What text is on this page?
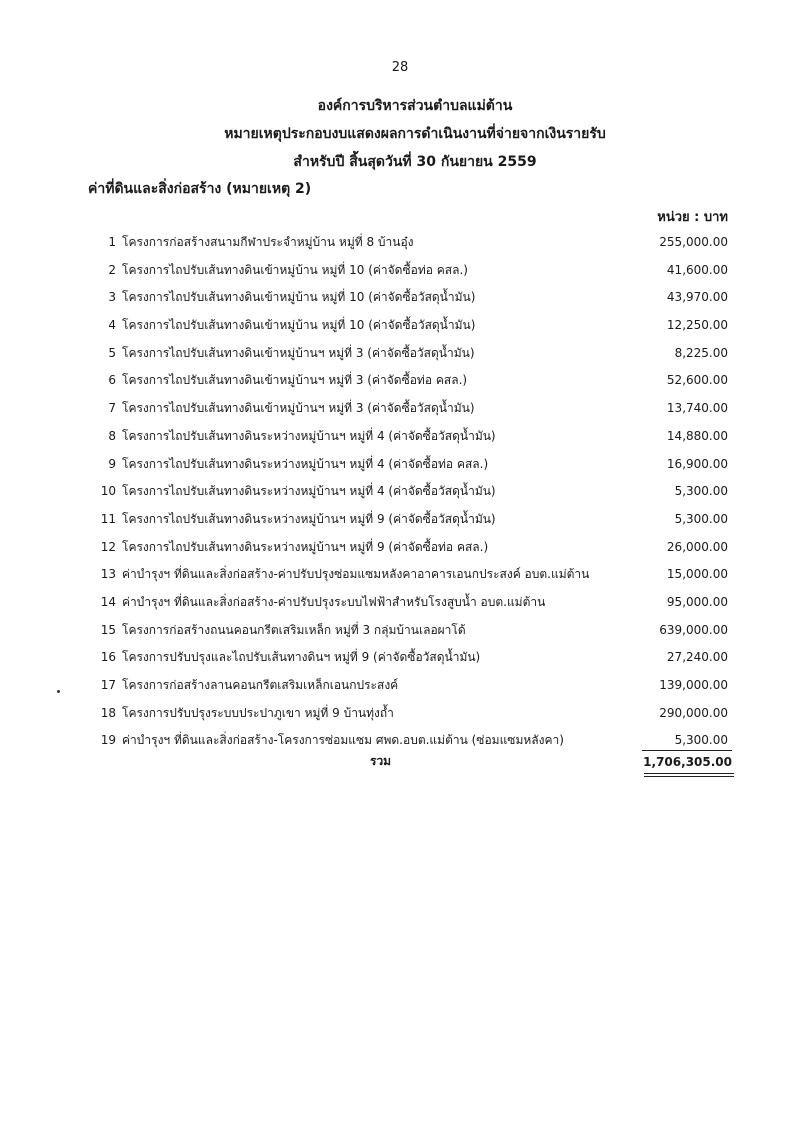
28
องค์การบริหารส่วนตำบลแม่ต้าน
หมายเหตุประกอบงบแสดงผลการดำเนินงานที่จ่ายจากเงินรายรับ
สำหรับปี สิ้นสุดวันที่ 30 กันยายน 2559
ค่าที่ดินและสิ่งก่อสร้าง (หมายเหตุ 2)
หน่วย : บาท
1 โครงการก่อสร้างสนามกีฬาประจำหมู่บ้าน หมู่ที่ 8 บ้านอุ๋ง	255,000.00
2 โครงการไถปรับเส้นทางดินเข้าหมู่บ้าน หมู่ที่ 10 (ค่าจัดซื้อท่อ คสล.)	41,600.00
3 โครงการไถปรับเส้นทางดินเข้าหมู่บ้าน หมู่ที่ 10 (ค่าจัดซื้อวัสดุน้ำมัน)	43,970.00
4 โครงการไถปรับเส้นทางดินเข้าหมู่บ้าน หมู่ที่ 10 (ค่าจัดซื้อวัสดุน้ำมัน)	12,250.00
5 โครงการไถปรับเส้นทางดินเข้าหมู่บ้านฯ หมู่ที่ 3 (ค่าจัดซื้อวัสดุน้ำมัน)	8,225.00
6 โครงการไถปรับเส้นทางดินเข้าหมู่บ้านฯ หมู่ที่ 3 (ค่าจัดซื้อท่อ คสล.)	52,600.00
7 โครงการไถปรับเส้นทางดินเข้าหมู่บ้านฯ หมู่ที่ 3 (ค่าจัดซื้อวัสดุน้ำมัน)	13,740.00
8 โครงการไถปรับเส้นทางดินระหว่างหมู่บ้านฯ หมู่ที่ 4 (ค่าจัดซื้อวัสดุน้ำมัน)	14,880.00
9 โครงการไถปรับเส้นทางดินระหว่างหมู่บ้านฯ หมู่ที่ 4 (ค่าจัดซื้อท่อ คสล.)	16,900.00
10 โครงการไถปรับเส้นทางดินระหว่างหมู่บ้านฯ หมู่ที่ 4 (ค่าจัดซื้อวัสดุน้ำมัน)	5,300.00
11 โครงการไถปรับเส้นทางดินระหว่างหมู่บ้านฯ หมู่ที่ 9 (ค่าจัดซื้อวัสดุน้ำมัน)	5,300.00
12 โครงการไถปรับเส้นทางดินระหว่างหมู่บ้านฯ หมู่ที่ 9 (ค่าจัดซื้อท่อ คสล.)	26,000.00
13 ค่าบำรุงฯ ที่ดินและสิ่งก่อสร้าง-ค่าปรับปรุงซ่อมแซมหลังคาอาคารเอนกประสงค์ อบต.แม่ต้าน	15,000.00
14 ค่าบำรุงฯ ที่ดินและสิ่งก่อสร้าง-ค่าปรับปรุงระบบไฟฟ้าสำหรับโรงสูบน้ำ อบต.แม่ต้าน	95,000.00
15 โครงการก่อสร้างถนนคอนกรีตเสริมเหล็ก หมู่ที่ 3 กลุ่มบ้านเลอผาโด้	639,000.00
16 โครงการปรับปรุงและไถปรับเส้นทางดินฯ หมู่ที่ 9 (ค่าจัดซื้อวัสดุน้ำมัน)	27,240.00
17 โครงการก่อสร้างลานคอนกรีตเสริมเหล็กเอนกประสงค์	139,000.00
18 โครงการปรับปรุงระบบประปาภูเขา หมู่ที่ 9 บ้านทุ่งถ้ำ	290,000.00
19 ค่าบำรุงฯ ที่ดินและสิ่งก่อสร้าง-โครงการซ่อมแซม ศพด.อบต.แม่ต้าน (ซ่อมแซมหลังคา)	5,300.00
รวม	1,706,305.00
